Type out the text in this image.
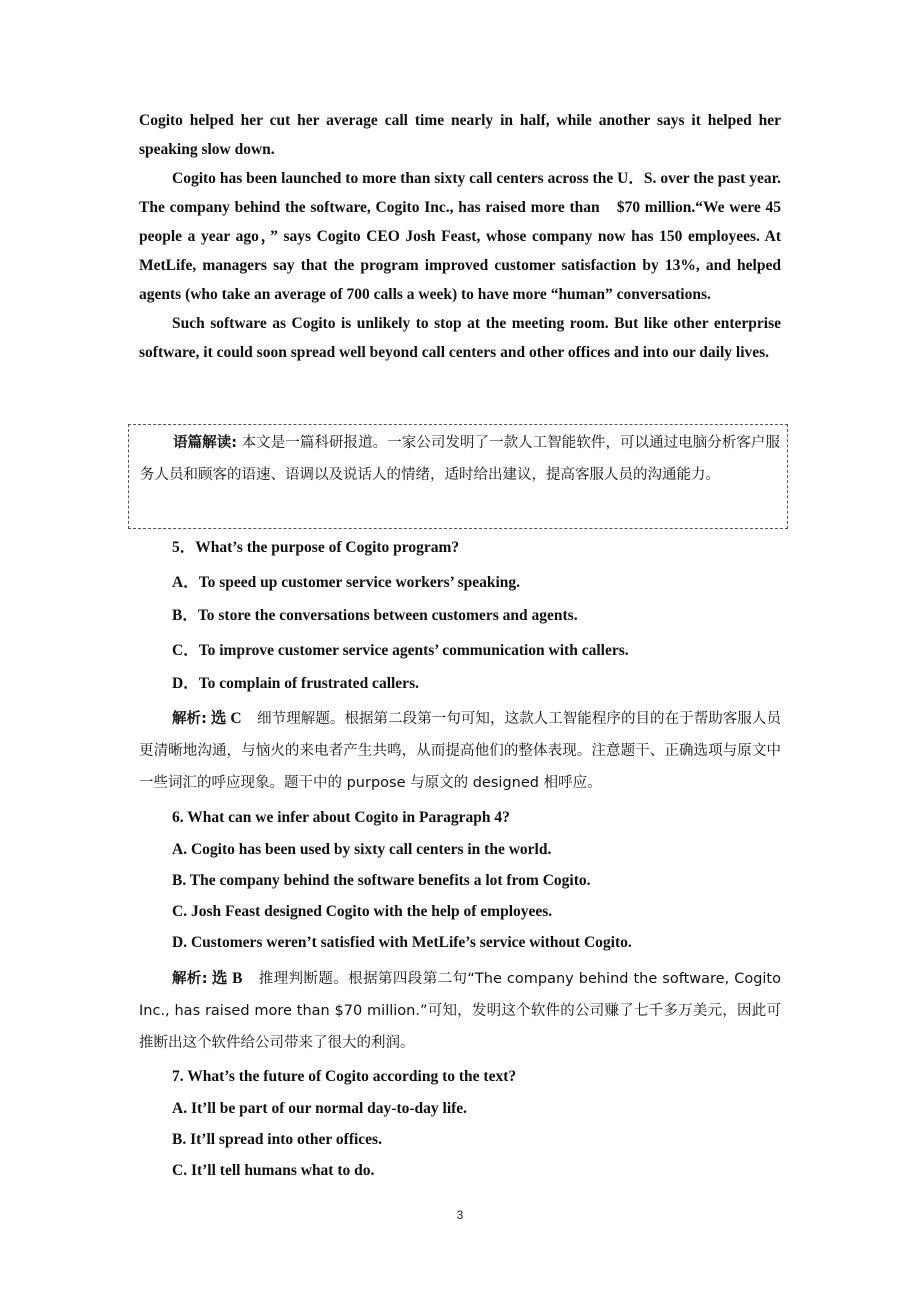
Cogito helped her cut her average call time nearly in half, while another says it helped her speaking slow down.

Cogito has been launched to more than sixty call centers across the U．S. over the past year. The company behind the software, Cogito Inc., has raised more than　$70 million.“We were 45 people a year ago，” says Cogito CEO Josh Feast, whose company now has 150 employees. At MetLife, managers say that the program improved customer satisfaction by 13%, and helped agents (who take an average of 700 calls a week) to have more “human” conversations.

Such software as Cogito is unlikely to stop at the meeting room. But like other enterprise software, it could soon spread well beyond call centers and other offices and into our daily lives.

语篇解读: 本文是一篇科研报道。一家公司发明了一款人工智能软件，可以通过电脑分析客户服务人员和顾客的语速、语调以及说话人的情绪，适时给出建议，提高客服人员的沟通能力。
5．What’s the purpose of Cogito program?
A．To speed up customer service workers’ speaking.
B．To store the conversations between customers and agents.
C．To improve customer service agents’ communication with callers.
D．To complain of frustrated callers.
解析: 选 C　细节理解题。根据第二段第一句可知，这款人工智能程序的目的在于帮助客服人员更清晰地沟通，与恼火的来电者产生共鸣，从而提高他们的整体表现。注意题干、正确选项与原文中一些词汇的呼应现象。题干中的 purpose 与原文的 designed 相呼应。
6. What can we infer about Cogito in Paragraph 4?
A. Cogito has been used by sixty call centers in the world.
B. The company behind the software benefits a lot from Cogito.
C. Josh Feast designed Cogito with the help of employees.
D. Customers weren’t satisfied with MetLife’s service without Cogito.
解析: 选 B　推理判断题。根据第四段第二句“The company behind the software, Cogito Inc., has raised more than $70 million.”可知，发明这个软件的公司赚了七千多万美元，因此可推断出这个软件给公司带来了很大的利润。
7. What’s the future of Cogito according to the text?
A. It’ll be part of our normal day-to-day life.
B. It’ll spread into other offices.
C. It’ll tell humans what to do.
3
